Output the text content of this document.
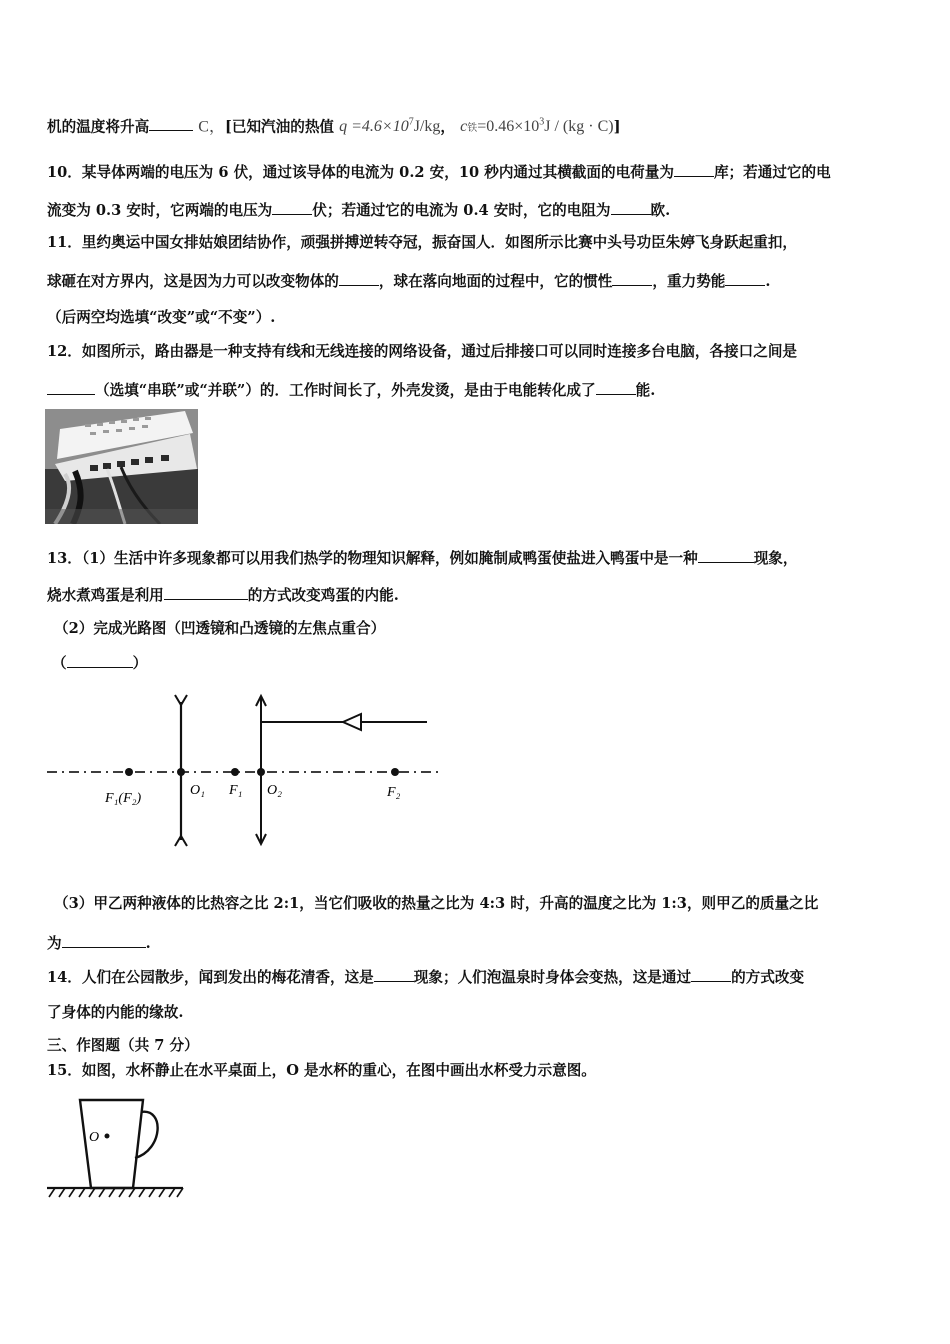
机的温度将升高	C，[已知汽油的热值 $q =4.6\times 10^7J/kg$， c铁$=0.46\times 10^3J / (kg \cdot C)$]
10．某导体两端的电压为 6 伏，通过该导体的电流为 0.2 安，10 秒内通过其横截面的电荷量为	库；若通过它的电
流变为 0.3 安时，它两端的电压为	伏；若通过它的电流为 0.4 安时，它的电阻为	欧.
11．里约奥运中国女排姑娘团结协作，顽强拼搏逆转夺冠，振奋国人．如图所示比赛中头号功臣朱婷飞身跃起重扣，
球砸在对方界内，这是因为力可以改变物体的	，球在落向地面的过程中，它的惯性	，重力势能	.
（后两空均选填“改变”或“不变”）.
12．如图所示，路由器是一种支持有线和无线连接的网络设备，通过后排接口可以同时连接多台电脑，各接口之间是
（选填“串联”或“并联”）的．工作时间长了，外壳发烫，是由于电能转化成了	能.
13．（1）生活中许多现象都可以用我们热学的物理知识解释，例如腌制咸鸭蛋使盐进入鸭蛋中是一种	现象，
烧水煮鸡蛋是利用	的方式改变鸡蛋的内能.
（2）完成光路图（凹透镜和凸透镜的左焦点重合）
（	）
F₁(F₂)
O₁ F₁ O₂	F₂
（3）甲乙两种液体的比热容之比 2:1，当它们吸收的热量之比为 4:3 时，升高的温度之比为 1:3，则甲乙的质量之比
为	.
14．人们在公园散步，闻到发出的梅花清香，这是	现象；人们泡温泉时身体会变热，这是通过	的方式改变
了身体的内能的缘故.
三、作图题（共 7 分）
15．如图，水杯静止在水平桌面上，O 是水杯的重心，在图中画出水杯受力示意图。
O
